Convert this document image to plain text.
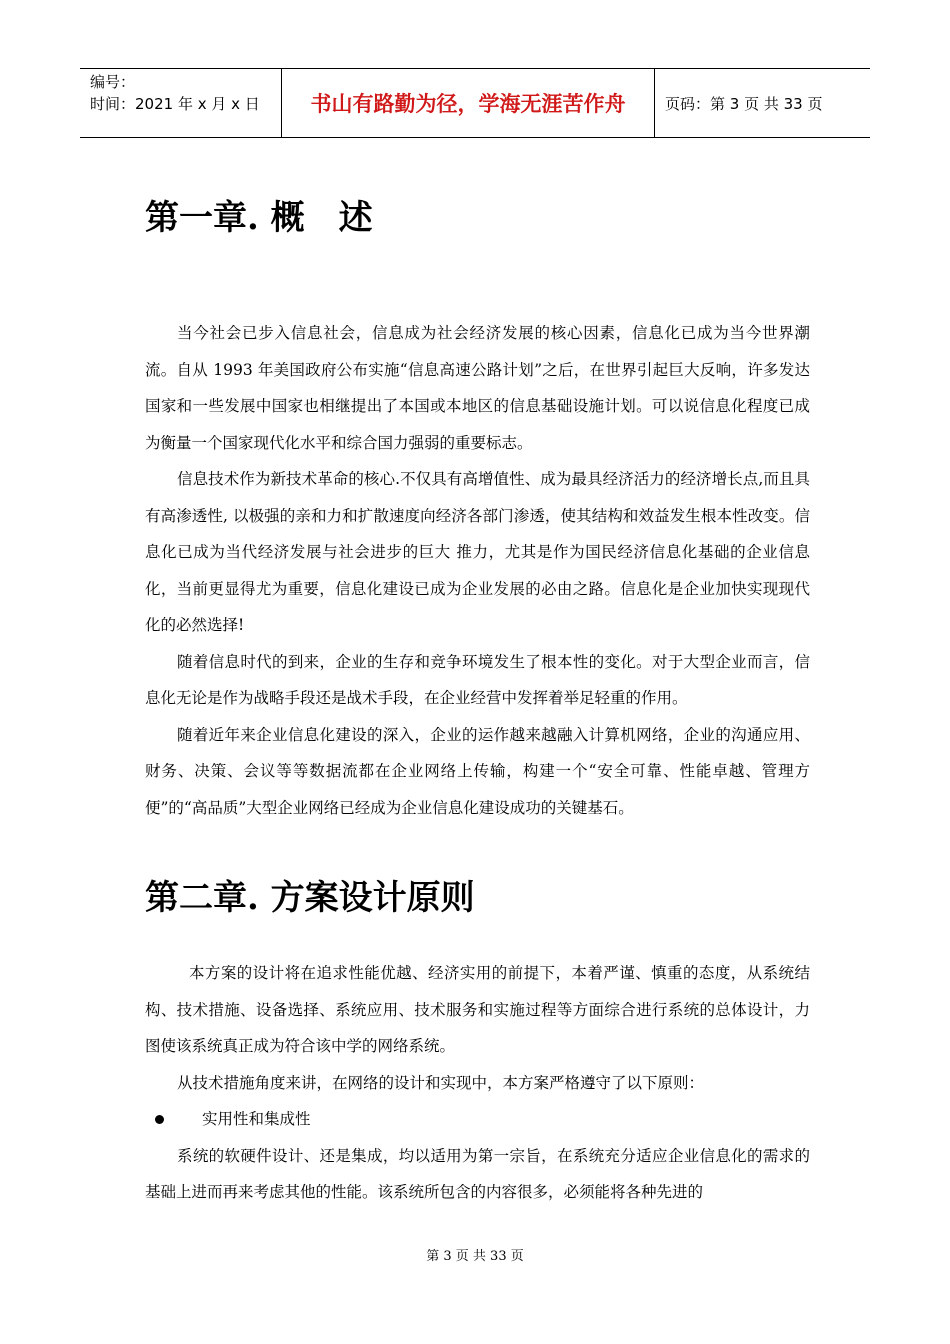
编号：
时间：2021 年 x 月 x 日 书山有路勤为径，学海无涯苦作舟	页码：第 3 页 共 33 页
第一章. 概　述

当今社会已步入信息社会，信息成为社会经济发展的核心因素，信息化已成为当今世界潮流。自从 1993 年美国政府公布实施“信息高速公路计划”之后，在世界引起巨大反响，许多发达国家和一些发展中国家也相继提出了本国或本地区的信息基础设施计划。可以说信息化程度已成为衡量一个国家现代化水平和综合国力强弱的重要标志。

信息技术作为新技术革命的核心.不仅具有高增值性、成为最具经济活力的经济增长点,而且具有高渗透性, 以极强的亲和力和扩散速度向经济各部门渗透，使其结构和效益发生根本性改变。信息化已成为当代经济发展与社会进步的巨大 推力，尤其是作为国民经济信息化基础的企业信息化，当前更显得尤为重要，信息化建设已成为企业发展的必由之路。信息化是企业加快实现现代化的必然选择!

随着信息时代的到来，企业的生存和竞争环境发生了根本性的变化。对于大型企业而言，信息化无论是作为战略手段还是战术手段，在企业经营中发挥着举足轻重的作用。

随着近年来企业信息化建设的深入，企业的运作越来越融入计算机网络，企业的沟通应用、财务、决策、会议等等数据流都在企业网络上传输，构建一个“安全可靠、性能卓越、管理方便”的“高品质”大型企业网络已经成为企业信息化建设成功的关键基石。

第二章. 方案设计原则

本方案的设计将在追求性能优越、经济实用的前提下，本着严谨、慎重的态度，从系统结构、技术措施、设备选择、系统应用、技术服务和实施过程等方面综合进行系统的总体设计，力图使该系统真正成为符合该中学的网络系统。

从技术措施角度来讲，在网络的设计和实现中，本方案严格遵守了以下原则：

实用性和集成性

系统的软硬件设计、还是集成，均以适用为第一宗旨，在系统充分适应企业信息化的需求的基础上进而再来考虑其他的性能。该系统所包含的内容很多，必须能将各种先进的

第 3 页 共 33 页
